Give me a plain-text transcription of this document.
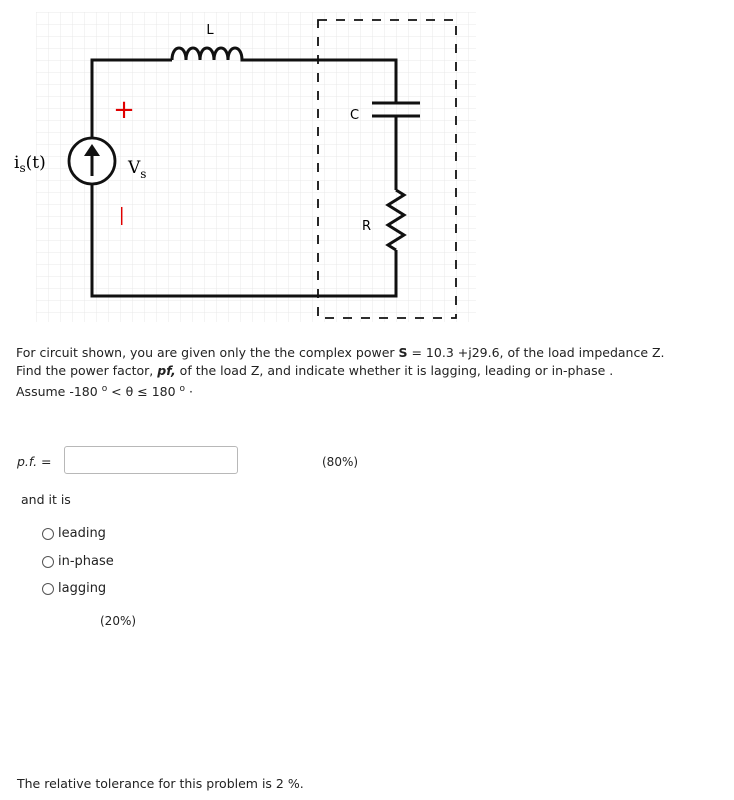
L
C
R
$i_s(t)$
+
—
$V_s$
For circuit shown, you are given only the the complex power S = 10.3 +j29.6, of the load impedance Z.
Find the power factor, pf, of the load Z, and indicate whether it is lagging, leading or in-phase .
Assume -180 $^o$ < θ ≤ 180 $^o$ ·
p.f. =	(80%)
and it is
leading
in-phase
lagging
(20%)
The relative tolerance for this problem is 2 %.
